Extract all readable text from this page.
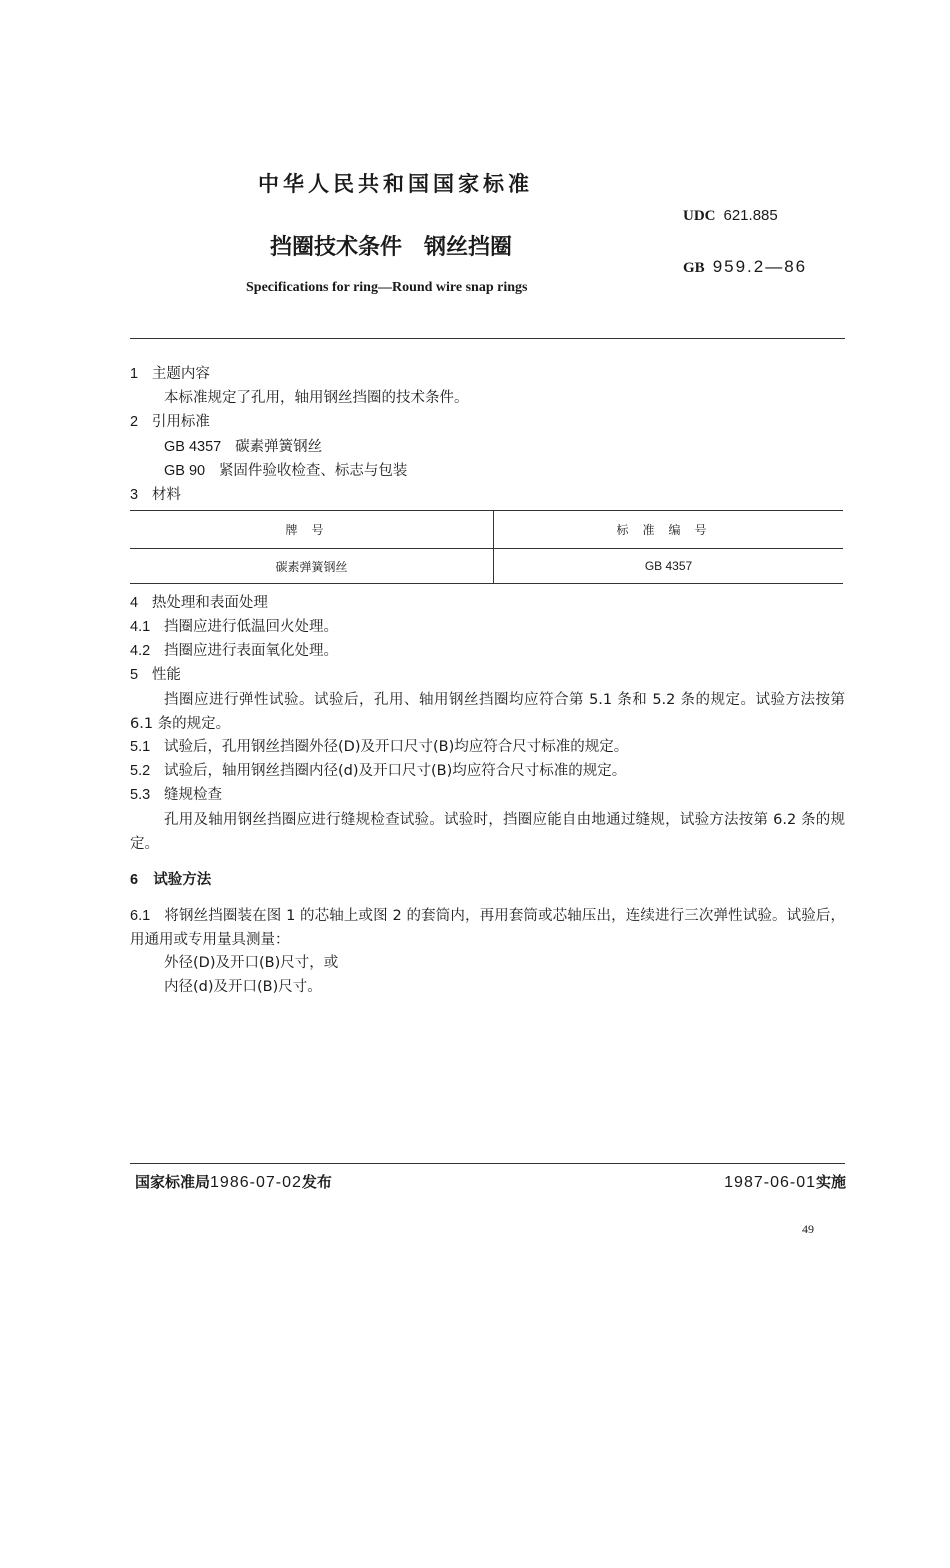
中华人民共和国国家标准
UDC 621.885
挡圈技术条件　钢丝挡圈
GB 959.2—86
Specifications for ring—Round wire snap rings
1 主题内容
本标准规定了孔用，轴用钢丝挡圈的技术条件。
2 引用标准
GB 4357 碳素弹簧钢丝
GB 90 紧固件验收检查、标志与包装
3 材料
牌号	标准编号
碳素弹簧钢丝	GB 4357
4 热处理和表面处理
4.1 挡圈应进行低温回火处理。
4.2 挡圈应进行表面氧化处理。
5 性能
挡圈应进行弹性试验。试验后，孔用、轴用钢丝挡圈均应符合第 5.1 条和 5.2 条的规定。试验方法按第 6.1 条的规定。
5.1 试验后，孔用钢丝挡圈外径(D)及开口尺寸(B)均应符合尺寸标准的规定。
5.2 试验后，轴用钢丝挡圈内径(d)及开口尺寸(B)均应符合尺寸标准的规定。
5.3 缝规检查
孔用及轴用钢丝挡圈应进行缝规检查试验。试验时，挡圈应能自由地通过缝规，试验方法按第 6.2 条的规定。
6 试验方法
6.1 将钢丝挡圈装在图 1 的芯轴上或图 2 的套筒内，再用套筒或芯轴压出，连续进行三次弹性试验。试验后，用通用或专用量具测量：
外径(D)及开口(B)尺寸，或
内径(d)及开口(B)尺寸。
国家标准局1986-07-02发布	1987-06-01实施
49
